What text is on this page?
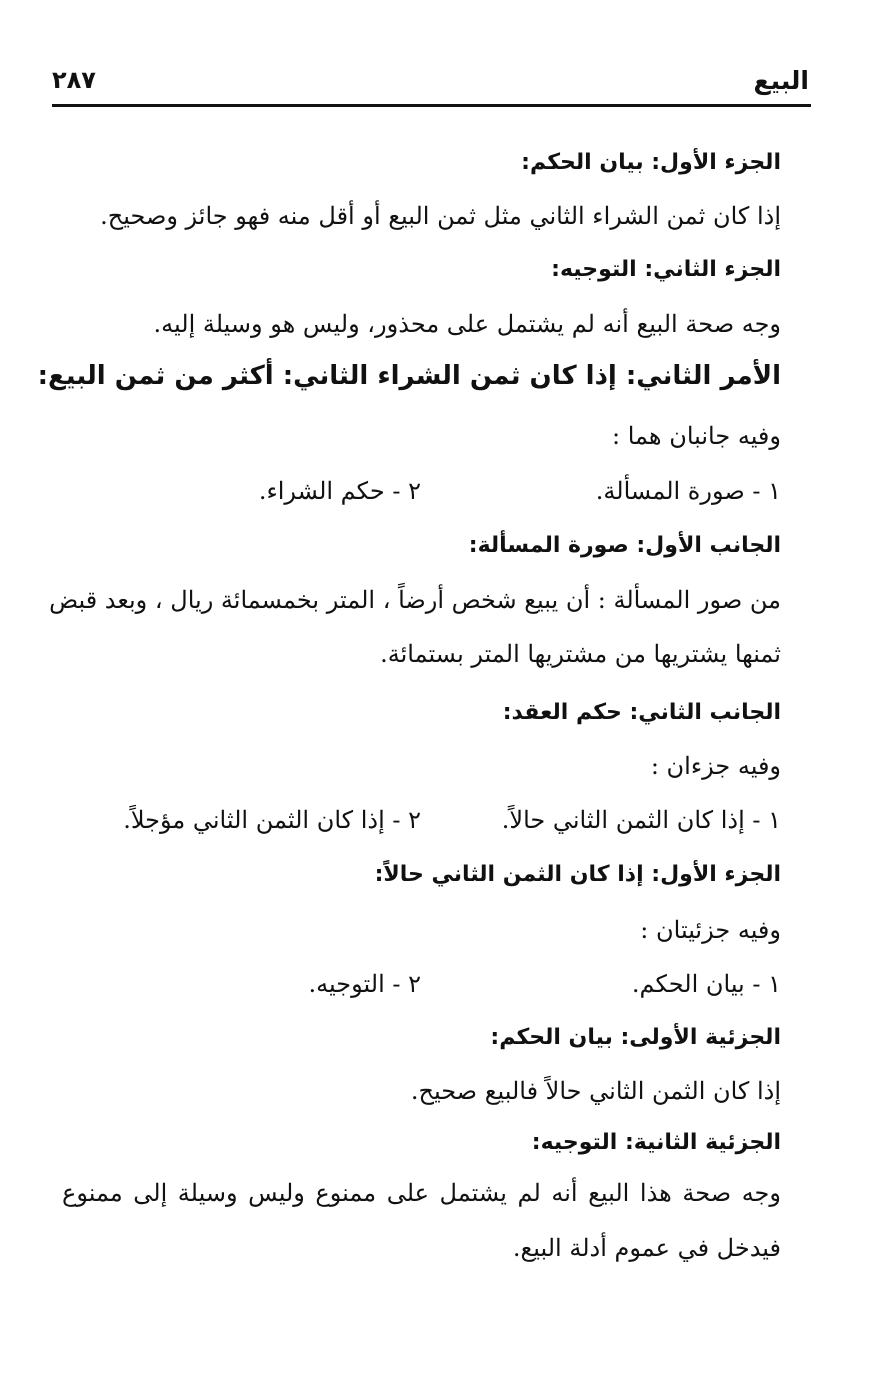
البيع
٢٨٧
الجزء الأول: بيان الحكم:
إذا كان ثمن الشراء الثاني مثل ثمن البيع أو أقل منه فهو جائز وصحيح.
الجزء الثاني: التوجيه:
وجه صحة البيع أنه لم يشتمل على محذور، وليس هو وسيلة إليه.
الأمر الثاني: إذا كان ثمن الشراء الثاني: أكثر من ثمن البيع:
وفيه جانبان هما :
١ - صورة المسألة.
٢ - حكم الشراء.
الجانب الأول: صورة المسألة:
من صور المسألة : أن يبيع شخص أرضاً ، المتر بخمسمائة ريال ، وبعد قبض
ثمنها يشتريها من مشتريها المتر بستمائة.
الجانب الثاني: حكم العقد:
وفيه جزءان :
١ - إذا كان الثمن الثاني حالاً.
٢ - إذا كان الثمن الثاني مؤجلاً.
الجزء الأول: إذا كان الثمن الثاني حالاً:
وفيه جزئيتان :
١ - بيان الحكم.
٢ - التوجيه.
الجزئية الأولى: بيان الحكم:
إذا كان الثمن الثاني حالاً فالبيع صحيح.
الجزئية الثانية: التوجيه:
وجه صحة هذا البيع أنه لم يشتمل على ممنوع وليس وسيلة إلى ممنوع
فيدخل في عموم أدلة البيع.
